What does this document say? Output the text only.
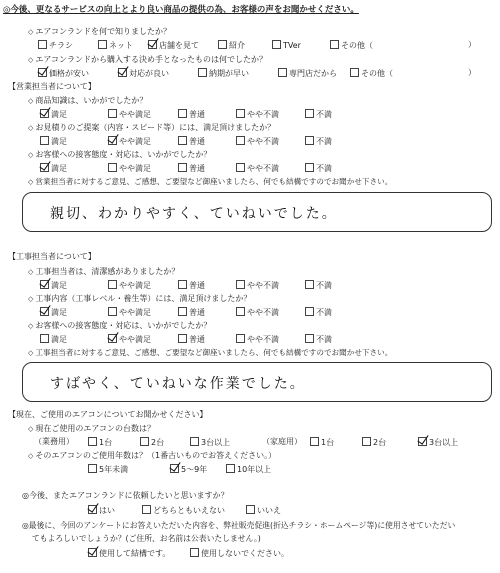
◎今後、更なるサービスの向上とより良い商品の提供の為、お客様の声をお聞かせください。
◇ エアコンランドを何で知りましたか？
チラシ	ネット	店舗を見て	紹介	TVer	その他（	）
◇ エアコンランドから購入する決め手となったものは何でしたか？
価格が安い	対応が良い	納期が早い	専門店だから	その他（	）
【営業担当者について】
◇ 商品知識は、いかがでしたか？
満足	やや満足	普通	やや不満	不満
◇ お見積りのご提案（内容・スピード等）には、満足頂けましたか？
満足	やや満足	普通	やや不満	不満
◇ お客様への接客態度・対応は、いかがでしたか？
満足	やや満足	普通	やや不満	不満
◇ 営業担当者に対するご意見、ご感想、ご要望など御座いましたら、何でも結構ですのでお聞かせ下さい。
親切、わかりやすく、ていねいでした。
【工事担当者について】
◇ 工事担当者は、清潔感がありましたか？
満足	やや満足	普通	やや不満	不満
◇ 工事内容（工事レベル・養生等）には、満足頂けましたか？
満足	やや満足	普通	やや不満	不満
◇ お客様への接客態度・対応は、いかがでしたか？
満足	やや満足	普通	やや不満	不満
◇ 工事担当者に対するご意見、ご感想、ご要望など御座いましたら、何でも結構ですのでお聞かせ下さい。
すばやく、ていねいな作業でした。
【現在、ご使用のエアコンについてお聞かせください】
◇ 現在ご使用のエアコンの台数は？
（業務用）	1台	2台	3台以上	（家庭用）	1台	2台	3台以上
◇ そのエアコンのご使用年数は？（1番古いものでお答えください。）
5年未満	5〜9年	10年以上
◎今後、またエアコンランドに依頼したいと思いますか？
はい	どちらともいえない	いいえ
◎最後に、今回のアンケートにお答えいただいた内容を、弊社販売促進(折込チラシ・ホームページ等)に使用させていただい
てもよろしいでしょうか？(ご住所、お名前は公表いたしません。)
使用して結構です。	使用しないでください。
